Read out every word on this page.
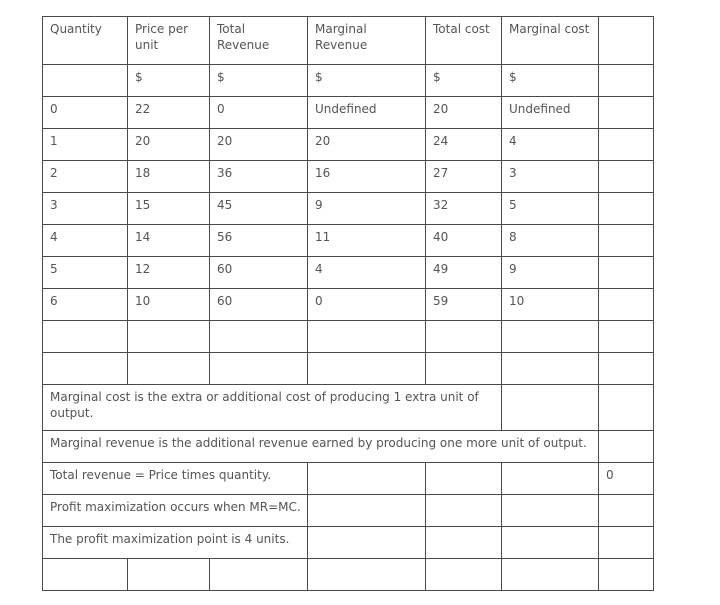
Quantity	Price per unit	Total Revenue	Marginal Revenue	Total cost	Marginal cost	
	$	$	$	$	$	
0	22	0	Undefined	20	Undefined	
1	20	20	20	24	4	
2	18	36	16	27	3	
3	15	45	9	32	5	
4	14	56	11	40	8	
5	12	60	4	49	9	
6	10	60	0	59	10	

Marginal cost is the extra or additional cost of producing 1 extra unit of output.						
Marginal revenue is the additional revenue earned by producing one more unit of output.						
Total revenue = Price times quantity.						0
Profit maximization occurs when MR=MC.						
The profit maximization point is 4 units.						
